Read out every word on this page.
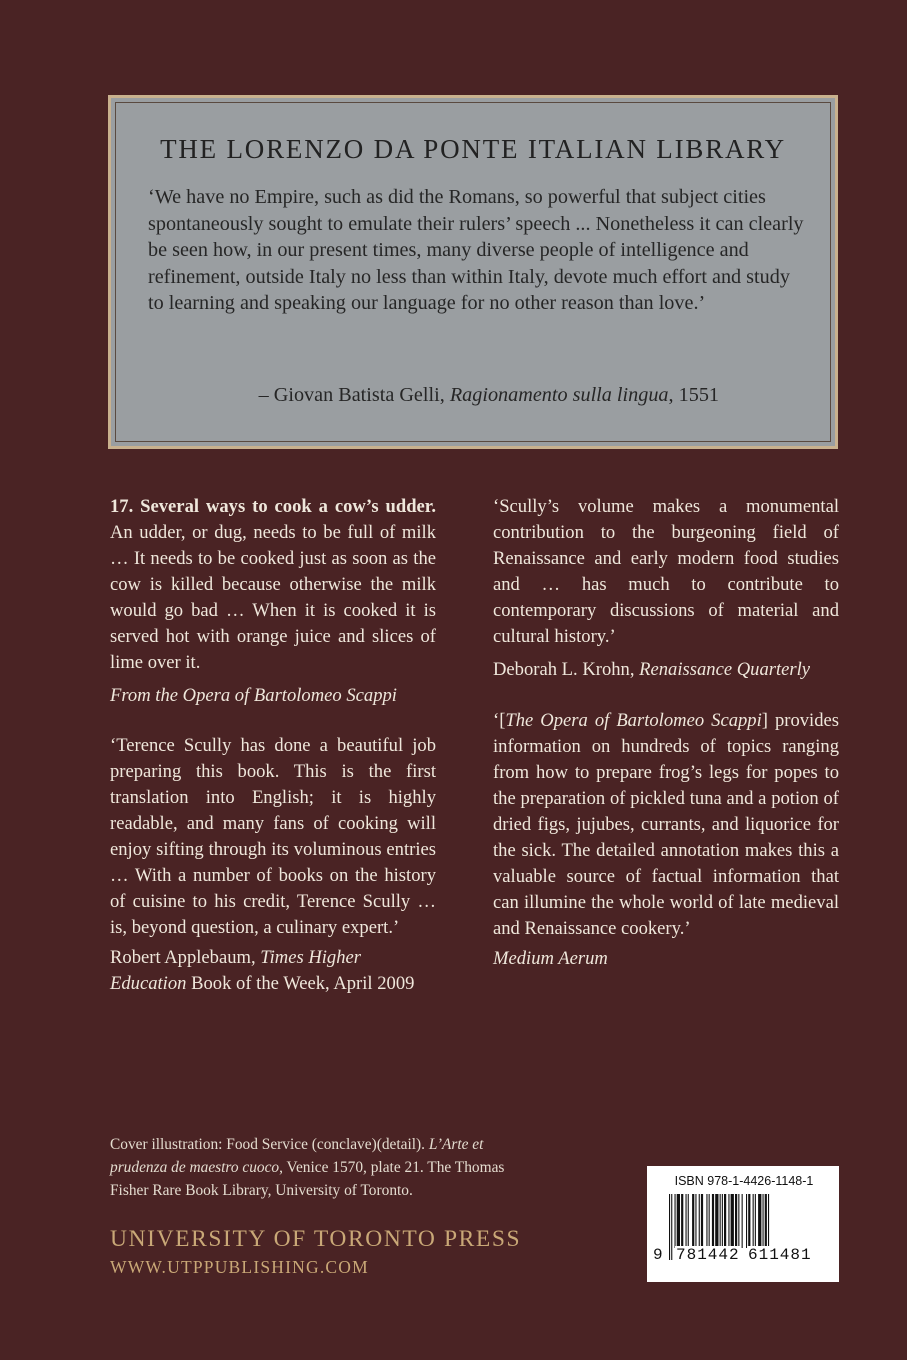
THE LORENZO DA PONTE ITALIAN LIBRARY
‘We have no Empire, such as did the Romans, so powerful that subject cities spontaneously sought to emulate their rulers’ speech ... Nonetheless it can clearly be seen how, in our present times, many diverse people of intelligence and refinement, outside Italy no less than within Italy, devote much effort and study to learning and speaking our language for no other reason than love.’
– Giovan Batista Gelli, Ragionamento sulla lingua, 1551

17. Several ways to cook a cow’s udder. An udder, or dug, needs to be full of milk … It needs to be cooked just as soon as the cow is killed because otherwise the milk would go bad … When it is cooked it is served hot with orange juice and slices of lime over it.

From the Opera of Bartolomeo Scappi

‘Terence Scully has done a beautiful job preparing this book. This is the first translation into English; it is highly readable, and many fans of cooking will enjoy sifting through its voluminous entries … With a number of books on the history of cuisine to his credit, Terence Scully … is, beyond question, a culinary expert.’

Robert Applebaum, Times Higher Education Book of the Week, April 2009

‘Scully’s volume makes a monumental contribution to the burgeoning field of Renaissance and early modern food studies and … has much to contribute to contemporary discussions of material and cultural history.’

Deborah L. Krohn, Renaissance Quarterly

‘[The Opera of Bartolomeo Scappi] provides information on hundreds of topics ranging from how to prepare frog’s legs for popes to the preparation of pickled tuna and a potion of dried figs, jujubes, currants, and liquorice for the sick. The detailed annotation makes this a valuable source of factual information that can illumine the whole world of late medieval and Renaissance cookery.’

Medium Aerum

Cover illustration: Food Service (conclave)(detail). L’Arte et prudenza de maestro cuoco, Venice 1570, plate 21. The Thomas Fisher Rare Book Library, University of Toronto.
UNIVERSITY OF TORONTO PRESS
WWW.UTPPUBLISHING.COM
ISBN 978-1-4426-1148-1
9 781442 611481
